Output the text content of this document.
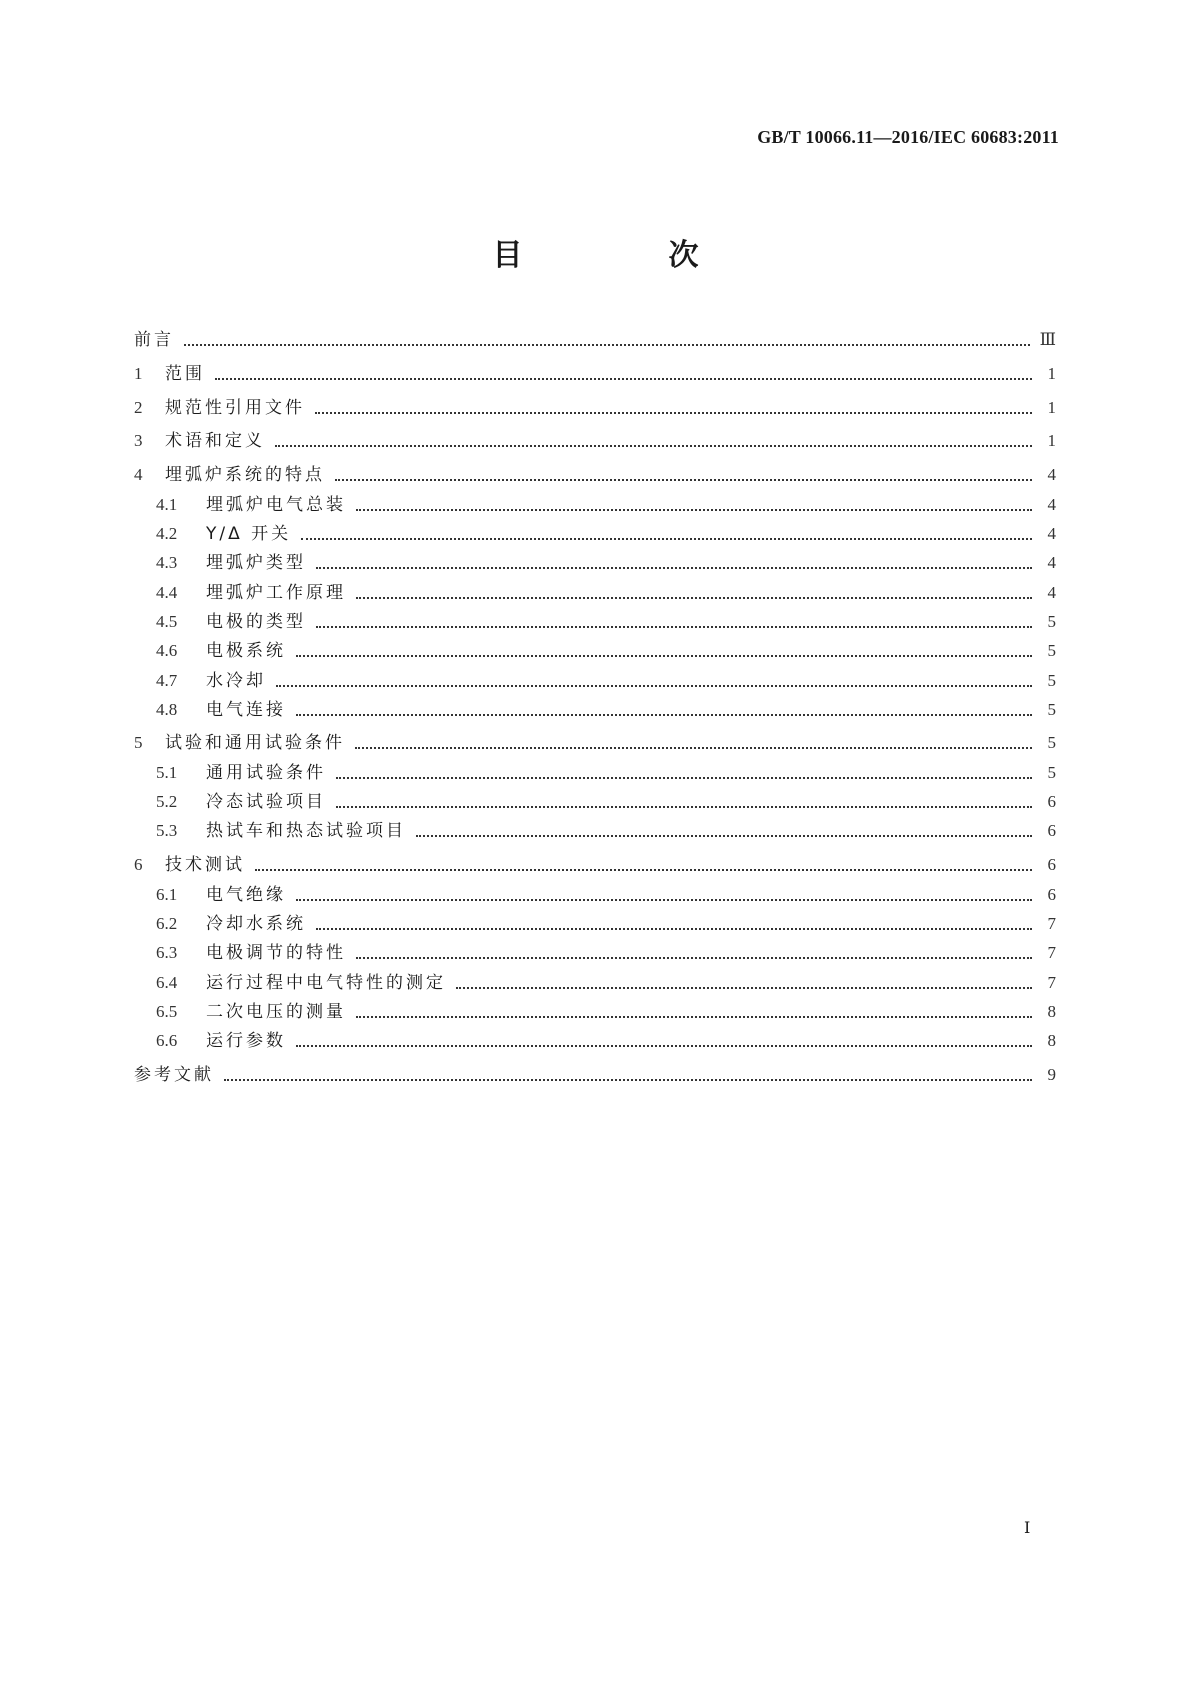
GB/T 10066.11—2016/IEC 60683:2011
目　次
前言	Ⅲ
1	范围	1
2	规范性引用文件	1
3	术语和定义	1
4	埋弧炉系统的特点	4
4.1	埋弧炉电气总装	4
4.2	Y/Δ 开关	4
4.3	埋弧炉类型	4
4.4	埋弧炉工作原理	4
4.5	电极的类型	5
4.6	电极系统	5
4.7	水冷却	5
4.8	电气连接	5
5	试验和通用试验条件	5
5.1	通用试验条件	5
5.2	冷态试验项目	6
5.3	热试车和热态试验项目	6
6	技术测试	6
6.1	电气绝缘	6
6.2	冷却水系统	7
6.3	电极调节的特性	7
6.4	运行过程中电气特性的测定	7
6.5	二次电压的测量	8
6.6	运行参数	8
参考文献	9
Ⅰ
